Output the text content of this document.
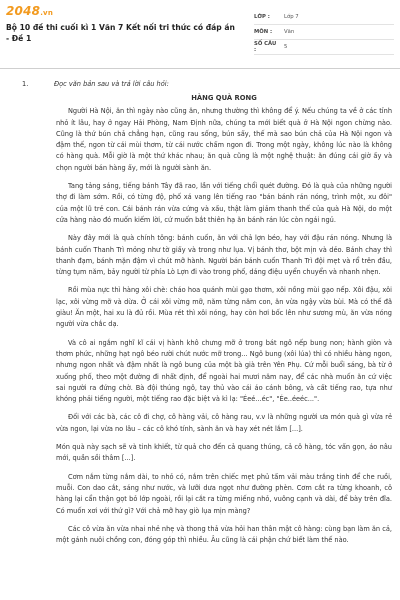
2048.vn
Bộ 10 đề thi cuối kì 1 Văn 7 Kết nối tri thức có đáp án - Đề 1
LỚP :	Lớp 7
MÔN :	Văn
SỐ CÂU :	5
1.	Đọc văn bản sau và trả lời câu hỏi:
HÀNG QUÀ RONG

Người Hà Nội, ăn thì ngày nào cũng ăn, nhưng thường thì không để ý. Nếu chúng ta về ở các tỉnh nhỏ ít lâu, hay ở ngay Hải Phòng, Nam Định nữa, chúng ta mới biết quà ở Hà Nội ngon chừng nào. Cũng là thứ bún chả chẳng hạn, cũng rau sống, bún sấy, thế mà sao bún chả của Hà Nội ngon và đậm thế, ngon từ cái mùi thơm, từ cái nước chấm ngon đi. Trong một ngày, không lúc nào là không có hàng quà. Mỗi giờ là một thứ khác nhau; ăn quà cũng là một nghệ thuật: ăn đúng cái giờ ấy và chọn người bán hàng ấy, mới là người sành ăn.

Tang tảng sáng, tiếng bánh Tây đã rao, lần với tiếng chổi quét đường. Đó là quà của những người thợ đi làm sớm. Rồi, có từng độ, phố xá vang lên tiếng rao "bán bánh rán nóng, trình một, xu đôi" của một lũ trẻ con. Cái bánh rán vừa cứng và xấu, thật làm giảm thanh thế của quà Hà Nội, do một cửa hàng nào đó muốn kiếm lời, cứ muốn bắt thiên hạ ăn bánh rán lúc còn ngái ngủ.

Này đây mới là quà chính tông: bánh cuốn, ăn với chả lợn béo, hay với đậu rán nóng. Nhưng là bánh cuốn Thanh Trì mỏng như tờ giấy và trong như lụa. Vị bánh thơ, bột mịn và dẻo. Bánh chay thì thanh đạm, bánh mặn đậm vì chút mỡ hành. Người bán bánh cuốn Thanh Trì đội mẹt và rổ trên đầu, từng tụm năm, bảy người từ phía Lò Lợn đi vào trong phố, dáng điệu uyển chuyển và nhanh nhẹn.

Rồi mùa nực thì hàng xôi chè: cháo hoa quánh mùi gạo thơm, xôi nồng mùi gạo nếp. Xôi đậu, xôi lạc, xôi vừng mỡ và dừa. Ở cái xôi vừng mỡ, năm từng năm con, ăn vừa ngậy vừa bùi. Mà có thế đã giàu! Ăn một, hai xu là đủ rồi. Mùa rét thì xôi nóng, hay còn hơi bốc lên như sương mù, ăn vừa nóng người vừa chắc dạ.

Và cô ai ngắm nghĩ kĩ cái vị hành khô chưng mỡ ở trong bát ngô nếp bung non; hành giòn và thơm phức, những hạt ngô béo rười chút nước mỡ trong... Ngô bung (xôi lúa) thì có nhiều hàng ngon, nhưng ngon nhất và đậm nhất là ngô bung của một bà già trên Yên Phụ. Cứ mỗi buổi sáng, bà từ ở xuống phố, theo một đường đi nhất định, để ngoài hai mươi năm nay, để các nhà muốn ăn cứ việc sai người ra đứng chờ. Bà đội thúng ngô, tay thủ vào cái áo cánh bông, và cất tiếng rao, tựa như khóng phải tiếng người, một tiếng rao đặc biệt và kì lạ: "Éeé...éc", "Ée..éeéc...".

Đối với các bà, các cô đi chợ, cô hàng vải, cô hàng rau, v.v là những người ưa món quà gì vừa rẻ vừa ngon, lại vừa no lâu – các cô khó tính, sành ăn và hay xét nét lắm [...].

Món quà này sạch sẽ và tinh khiết, từ quả cho đến cả quang thúng, cả cô hàng, tóc vấn gọn, áo nâu mới, quần sồi thâm [...].

Cơm nắm từng nắm dài, to nhỏ có, nắm trên chiếc mẹt phủ tấm vải màu trắng tinh để che ruồi, muỗi. Con dao cắt, sáng như nước, và lưỡi dưa ngọt như đường phèn. Cơm cắt ra từng khoanh, cô hàng lại cẩn thận gọt bỏ lớp ngoài, rồi lại cắt ra từng miếng nhỏ, vuông cạnh và dài, để bày trên đĩa. Có muốn xơi với thứ gì? Với chả mỡ hay giò lụa mịn màng?

Các cô vừa ăn vừa nhai nhẻ nhẹ và thong thả vừa hỏi han thân mật cô hàng: cùng bạn làm ăn cả, một gánh nuôi chồng con, đóng góp thì nhiều. Âu cũng là cái phận chứ biết làm thế nào.
